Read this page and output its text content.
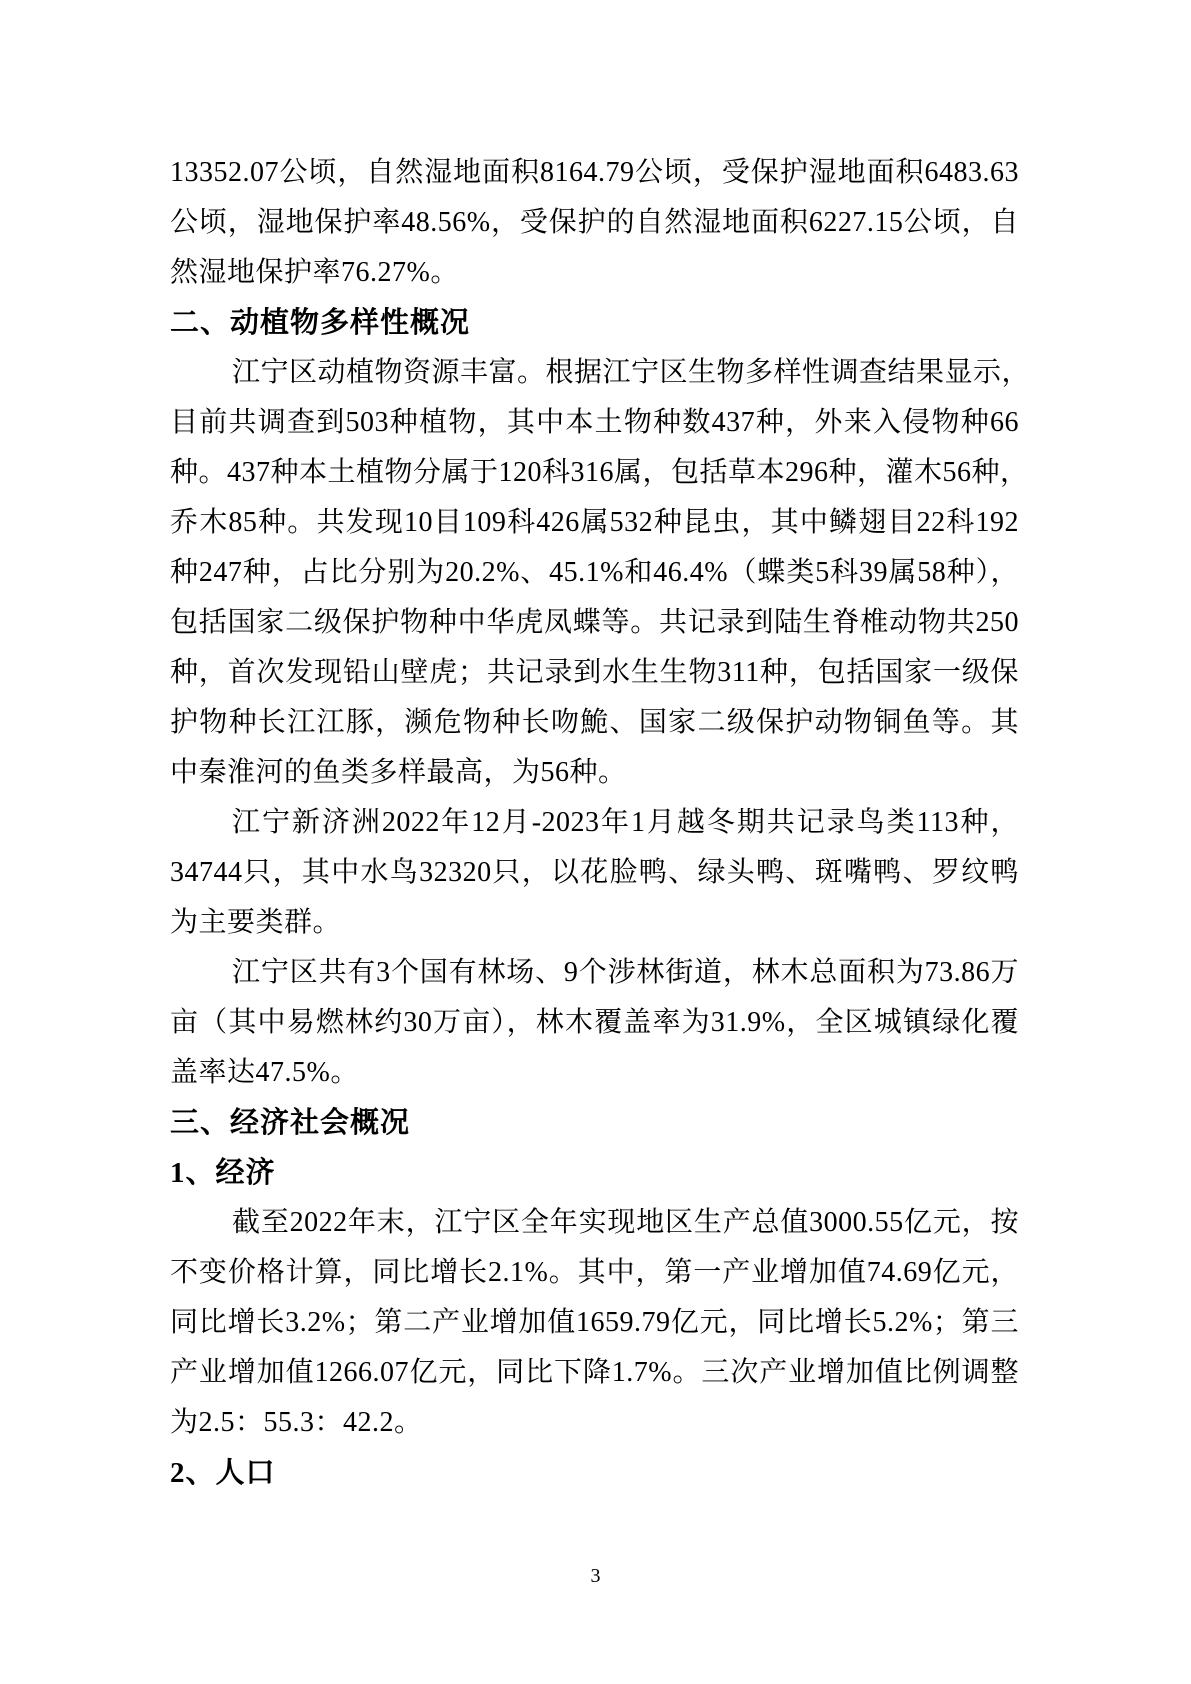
13352.07公顷，自然湿地面积8164.79公顷，受保护湿地面积6483.63
公顷，湿地保护率48.56%，受保护的自然湿地面积6227.15公顷，自
然湿地保护率76.27%。
二、动植物多样性概况
江宁区动植物资源丰富。根据江宁区生物多样性调查结果显示，
目前共调查到503种植物，其中本土物种数437种，外来入侵物种66
种。437种本土植物分属于120科316属，包括草本296种，灌木56种，
乔木85种。共发现10目109科426属532种昆虫，其中鳞翅目22科192
种247种，占比分别为20.2%、45.1%和46.4%（蝶类5科39属58种），
包括国家二级保护物种中华虎凤蝶等。共记录到陆生脊椎动物共250
种，首次发现铅山壁虎；共记录到水生生物311种，包括国家一级保
护物种长江江豚，濒危物种长吻鮠、国家二级保护动物铜鱼等。其
中秦淮河的鱼类多样最高，为56种。
江宁新济洲2022年12月-2023年1月越冬期共记录鸟类113种，
34744只，其中水鸟32320只，以花脸鸭、绿头鸭、斑嘴鸭、罗纹鸭
为主要类群。
江宁区共有3个国有林场、9个涉林街道，林木总面积为73.86万
亩（其中易燃林约30万亩），林木覆盖率为31.9%，全区城镇绿化覆
盖率达47.5%。
三、经济社会概况
1、经济
截至2022年末，江宁区全年实现地区生产总值3000.55亿元，按
不变价格计算，同比增长2.1%。其中，第一产业增加值74.69亿元，
同比增长3.2%；第二产业增加值1659.79亿元，同比增长5.2%；第三
产业增加值1266.07亿元，同比下降1.7%。三次产业增加值比例调整
为2.5：55.3：42.2。
2、人口
3
